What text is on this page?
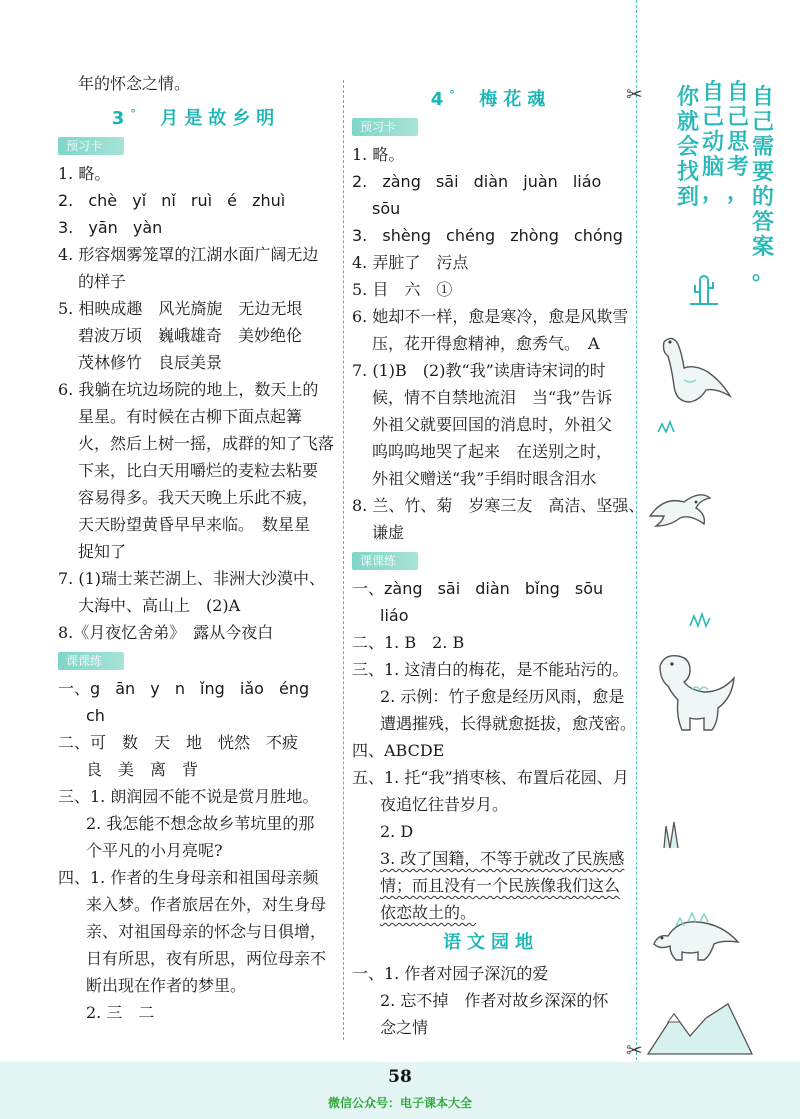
年的怀念之情。
3° 月是故乡明
预习卡
1. 略。
2. chè yǐ nǐ ruì é zhuì
3. yān yàn
4. 形容烟雾笼罩的江湖水面广阔无边
的样子
5. 相映成趣　风光旖旎　无边无垠
碧波万顷　巍峨雄奇　美妙绝伦
茂林修竹　良辰美景
6. 我躺在坑边场院的地上，数天上的
星星。有时候在古柳下面点起篝
火，然后上树一摇，成群的知了飞落
下来，比白天用嚼烂的麦粒去粘要
容易得多。我天天晚上乐此不疲，
天天盼望黄昏早早来临。　数星星
捉知了
7. (1)瑞士莱芒湖上、非洲大沙漠中、
大海中、高山上　(2)A
8.《月夜忆舍弟》　露从今夜白
课课练
一、g ān y n ǐng iǎo éng
ch
二、可　数　天　地　恍然　不疲
良　美　离　背
三、1. 朗润园不能不说是赏月胜地。
2. 我怎能不想念故乡苇坑里的那
个平凡的小月亮呢?
四、1. 作者的生身母亲和祖国母亲频
来入梦。作者旅居在外，对生身母
亲、对祖国母亲的怀念与日俱增，
日有所思，夜有所思，两位母亲不
断出现在作者的梦里。
2. 三　二
4° 梅花魂
预习卡
1. 略。
2. zàng sāi diàn juàn liáo
sōu
3. shèng chéng zhòng chóng
4. 弄脏了　污点
5. 目　六　①
6. 她却不一样，愈是寒冷，愈是风欺雪
压，花开得愈精神，愈秀气。　A
7. (1)B　(2)教“我”读唐诗宋词的时
候，情不自禁地流泪　当“我”告诉
外祖父就要回国的消息时，外祖父
呜呜呜地哭了起来　在送别之时，
外祖父赠送“我”手绢时眼含泪水
8. 兰、竹、菊　岁寒三友　高洁、坚强、
谦虚
课课练
一、zàng sāi diàn bǐng sōu
liáo
二、1. B　2. B
三、1. 这清白的梅花，是不能玷污的。
2. 示例：竹子愈是经历风雨，愈是
遭遇摧残，长得就愈挺拔，愈茂密。
四、ABCDE
五、1. 托“我”捎枣核、布置后花园、月
夜追忆往昔岁月。
2. D
3. 改了国籍，不等于就改了民族感
情；而且没有一个民族像我们这么
依恋故土的。
语文园地
一、1. 作者对园子深沉的爱
2. 忘不掉　作者对故乡深深的怀
念之情
✂
✂
你
就
会
找
到
自
己
动
脑
，
自
己
思
考
，
自
己
需
要
的
答
案
。
58
微信公众号：电子课本大全
